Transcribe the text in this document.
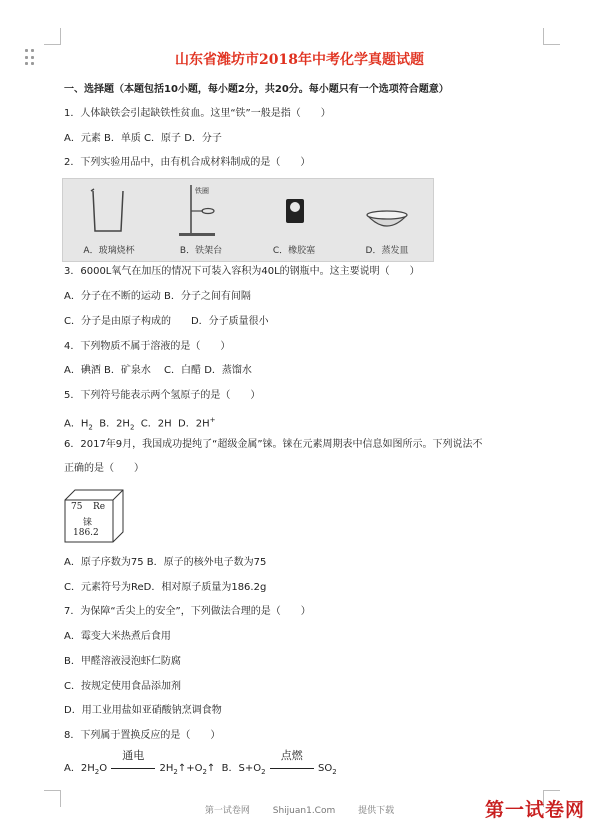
山东省潍坊市2018年中考化学真题试题
一、选择题（本题包括10小题，每小题2分，共20分。每小题只有一个选项符合题意）
1．人体缺铁会引起缺铁性贫血。这里“铁”一般是指（　　）
A．元素 B．单质 C．原子 D．分子
2．下列实验用品中，由有机合成材料制成的是（　　）
A．玻璃烧杯
铁圈
B．铁架台	C．橡胶塞	D．蒸发皿
3．6000L氧气在加压的情况下可装入容积为40L的钢瓶中。这主要说明（　　）
A．分子在不断的运动 B．分子之间有间隔
C．分子是由原子构成的　　D．分子质量很小
4．下列物质不属于溶液的是（　　）
A．碘酒 B．矿泉水　 C．白醋 D．蒸馏水
5．下列符号能表示两个氢原子的是（　　）
A．$H_2$ B．$2H_2$ C．2H D．2H+
6．2017年9月，我国成功提纯了“超级金属”铼。铼在元素周期表中信息如图所示。下列说法不
正确的是（　　）
75 Re
铼
186.2
A．原子序数为75 B．原子的核外电子数为75
C．元素符号为ReD．相对原子质量为186.2g
7．为保障“舌尖上的安全”，下列做法合理的是（　　）
A．霉变大米热煮后食用
B．甲醛溶液浸泡虾仁防腐
C．按规定使用食品添加剂
D．用工业用盐如亚硝酸钠烹调食物
8．下列属于置换反应的是（　　）
A．$2H_2O$
通电
$2H_2↑+O_2↑$ B．$S+O_2$
点燃
$SO_2$
第一试卷网	Shijuan1.Com	提供下载	第一试卷网
